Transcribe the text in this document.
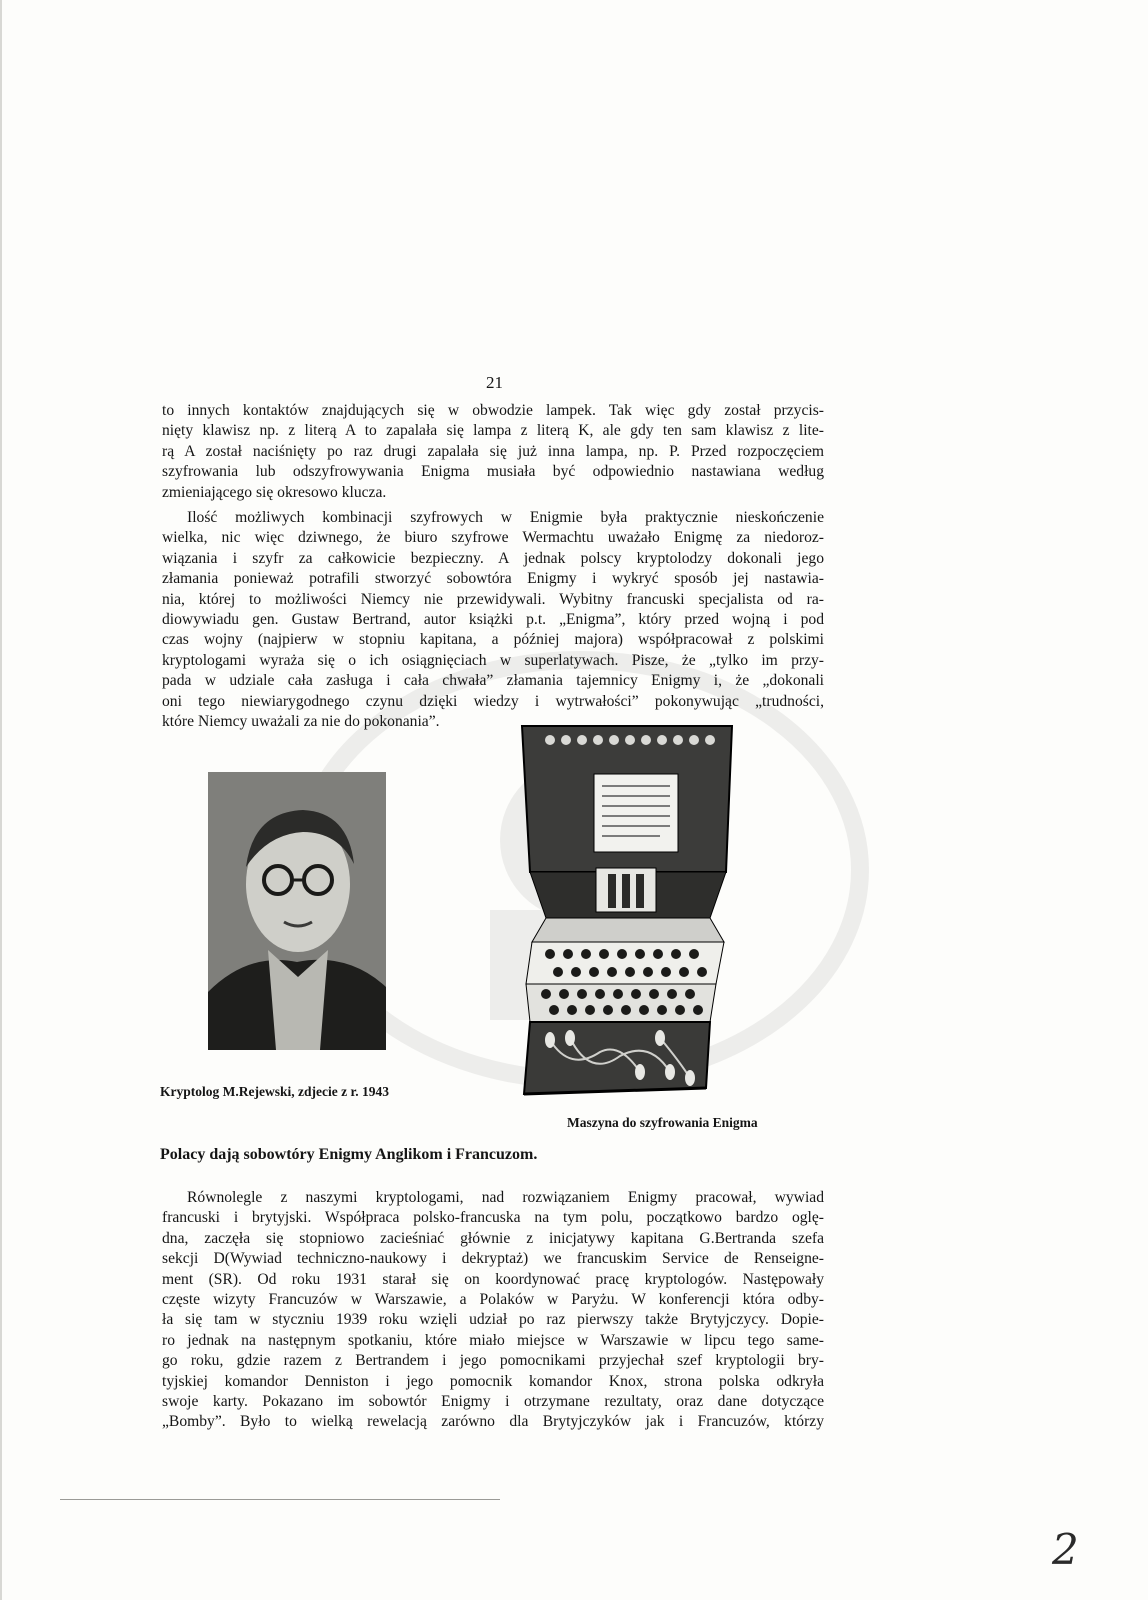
21
to innych kontaktów znajdujących się w obwodzie lampek. Tak więc gdy został przycis-
nięty klawisz np. z literą A to zapalała się lampa z literą K, ale gdy ten sam klawisz z lite-
rą A został naciśnięty po raz drugi zapalała się już inna lampa, np. P. Przed rozpoczęciem
szyfrowania lub odszyfrowywania Enigma musiała być odpowiednio nastawiana według
zmieniającego się okresowo klucza.
Ilość możliwych kombinacji szyfrowych w Enigmie była praktycznie nieskończenie
wielka, nic więc dziwnego, że biuro szyfrowe Wermachtu uważało Enigmę za niedoroz-
wiązania i szyfr za całkowicie bezpieczny. A jednak polscy kryptolodzy dokonali jego
złamania ponieważ potrafili stworzyć sobowtóra Enigmy i wykryć sposób jej nastawia-
nia, której to możliwości Niemcy nie przewidywali. Wybitny francuski specjalista od ra-
diowywiadu gen. Gustaw Bertrand, autor książki p.t. „Enigma”, który przed wojną i pod
czas wojny (najpierw w stopniu kapitana, a później majora) współpracował z polskimi
kryptologami wyraża się o ich osiągnięciach w superlatywach. Pisze, że „tylko im przy-
pada w udziale cała zasługa i cała chwała” złamania tajemnicy Enigmy i, że „dokonali
oni tego niewiarygodnego czynu dzięki wiedzy i wytrwałości” pokonywując „trudności,
które Niemcy uważali za nie do pokonania”.
Kryptolog M.Rejewski, zdjecie z r. 1943
Maszyna do szyfrowania Enigma
Polacy dają sobowtóry Enigmy Anglikom i Francuzom.
Równolegle z naszymi kryptologami, nad rozwiązaniem Enigmy pracował, wywiad
francuski i brytyjski. Współpraca polsko-francuska na tym polu, początkowo bardzo oglę-
dna, zaczęła się stopniowo zacieśniać głównie z inicjatywy kapitana G.Bertranda szefa
sekcji D(Wywiad techniczno-naukowy i dekryptaż) we francuskim Service de Renseigne-
ment (SR). Od roku 1931 starał się on koordynować pracę kryptologów. Następowały
częste wizyty Francuzów w Warszawie, a Polaków w Paryżu. W konferencji która odby-
ła się tam w styczniu 1939 roku wzięli udział po raz pierwszy także Brytyjczycy. Dopie-
ro jednak na następnym spotkaniu, które miało miejsce w Warszawie w lipcu tego same-
go roku, gdzie razem z Bertrandem i jego pomocnikami przyjechał szef kryptologii bry-
tyjskiej komandor Denniston i jego pomocnik komandor Knox, strona polska odkryła
swoje karty. Pokazano im sobowtór Enigmy i otrzymane rezultaty, oraz dane dotyczące
„Bomby”. Było to wielką rewelacją zarówno dla Brytyjczyków jak i Francuzów, którzy
2
